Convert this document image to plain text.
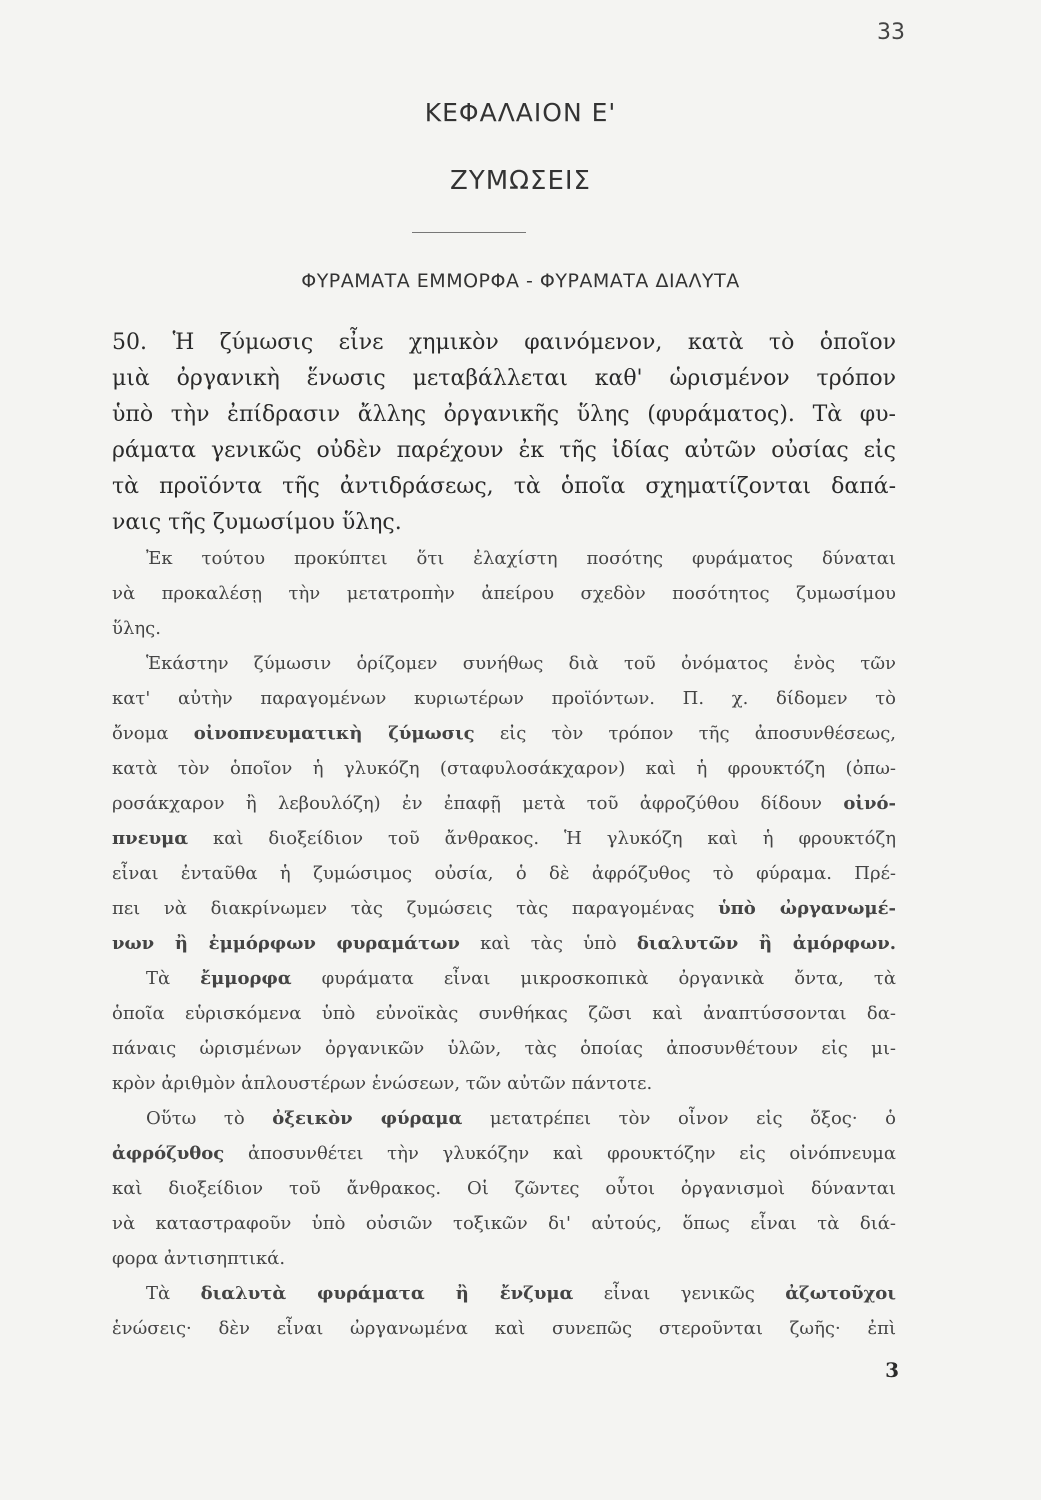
33
ΚΕΦΑΛΑΙΟΝ Ε'
ΖΥΜΩΣΕΙΣ
ΦΥΡΑΜΑΤΑ ΕΜΜΟΡΦΑ - ΦΥΡΑΜΑΤΑ ΔΙΑΛΥΤΑ
50. Ἡ ζύμωσις εἶνε χημικὸν φαινόμενον, κατὰ τὸ ὁποῖον
μιὰ ὀργανικὴ ἕνωσις μεταβάλλεται καθ' ὡρισμένον τρόπον
ὑπὸ τὴν ἐπίδρασιν ἄλλης ὀργανικῆς ὕλης (φυράματος). Τὰ φυ-
ράματα γενικῶς οὐδὲν παρέχουν ἐκ τῆς ἰδίας αὐτῶν οὐσίας εἰς
τὰ προϊόντα τῆς ἀντιδράσεως, τὰ ὁποῖα σχηματίζονται δαπά-
ναις τῆς ζυμωσίμου ὕλης.
Ἐκ τούτου προκύπτει ὅτι ἐλαχίστη ποσότης φυράματος δύναται
νὰ προκαλέσῃ τὴν μετατροπὴν ἀπείρου σχεδὸν ποσότητος ζυμωσίμου
ὕλης.
Ἑκάστην ζύμωσιν ὁρίζομεν συνήθως διὰ τοῦ ὀνόματος ἑνὸς τῶν
κατ' αὐτὴν παραγομένων κυριωτέρων προϊόντων. Π. χ. δίδομεν τὸ
ὄνομα οἰνοπνευματικὴ ζύμωσις εἰς τὸν τρόπον τῆς ἀποσυνθέσεως,
κατὰ τὸν ὁποῖον ἡ γλυκόζη (σταφυλοσάκχαρον) καὶ ἡ φρουκτόζη (ὀπω-
ροσάκχαρον ἢ λεβουλόζη) ἐν ἐπαφῇ μετὰ τοῦ ἀφροζύθου δίδουν οἰνό-
πνευμα καὶ διοξείδιον τοῦ ἄνθρακος. Ἡ γλυκόζη καὶ ἡ φρουκτόζη
εἶναι ἐνταῦθα ἡ ζυμώσιμος οὐσία, ὁ δὲ ἀφρόζυθος τὸ φύραμα. Πρέ-
πει νὰ διακρίνωμεν τὰς ζυμώσεις τὰς παραγομένας ὑπὸ ὠργανωμέ-
νων ἢ ἐμμόρφων φυραμάτων καὶ τὰς ὑπὸ διαλυτῶν ἢ ἀμόρφων.
Τὰ ἔμμορφα φυράματα εἶναι μικροσκοπικὰ ὀργανικὰ ὄντα, τὰ
ὁποῖα εὑρισκόμενα ὑπὸ εὐνοϊκὰς συνθήκας ζῶσι καὶ ἀναπτύσσονται δα-
πάναις ὡρισμένων ὀργανικῶν ὑλῶν, τὰς ὁποίας ἀποσυνθέτουν εἰς μι-
κρὸν ἀριθμὸν ἁπλουστέρων ἑνώσεων, τῶν αὐτῶν πάντοτε.
Οὕτω τὸ ὀξεικὸν φύραμα μετατρέπει τὸν οἶνον εἰς ὄξος· ὁ
ἀφρόζυθος ἀποσυνθέτει τὴν γλυκόζην καὶ φρουκτόζην εἰς οἰνόπνευμα
καὶ διοξείδιον τοῦ ἄνθρακος. Οἱ ζῶντες οὗτοι ὀργανισμοὶ δύνανται
νὰ καταστραφοῦν ὑπὸ οὐσιῶν τοξικῶν δι' αὐτούς, ὅπως εἶναι τὰ διά-
φορα ἀντισηπτικά.
Τὰ διαλυτὰ φυράματα ἢ ἔνζυμα εἶναι γενικῶς ἀζωτοῦχοι
ἑνώσεις· δὲν εἶναι ὠργανωμένα καὶ συνεπῶς στεροῦνται ζωῆς· ἐπὶ
3
